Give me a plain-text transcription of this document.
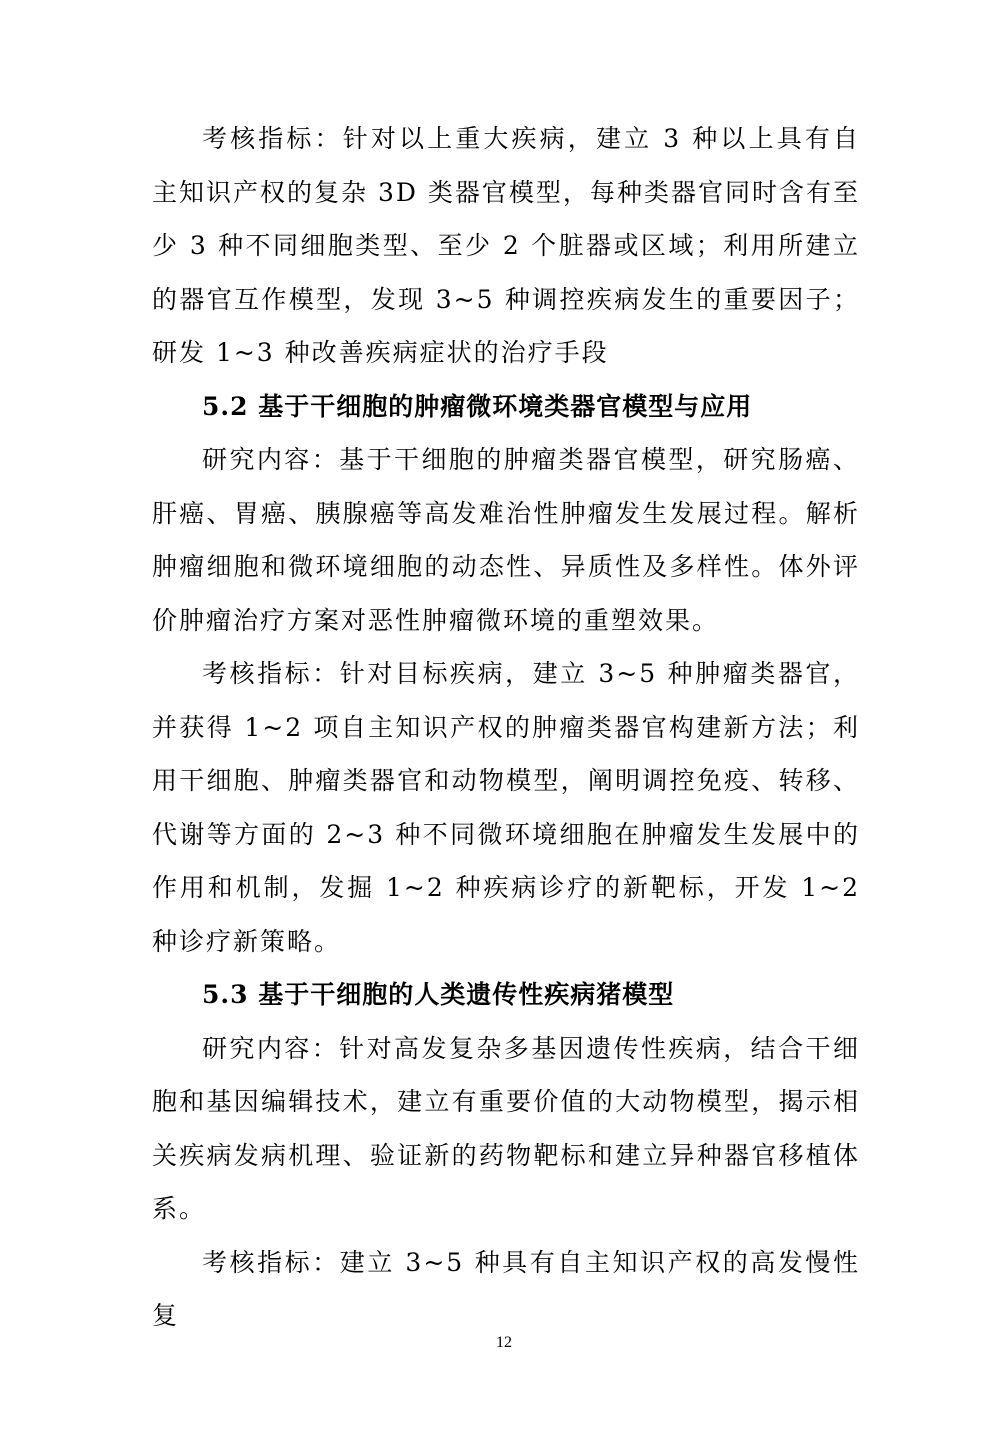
考核指标：针对以上重大疾病，建立 3 种以上具有自主知识产权的复杂 3D 类器官模型，每种类器官同时含有至少 3 种不同细胞类型、至少 2 个脏器或区域；利用所建立的器官互作模型，发现 3~5 种调控疾病发生的重要因子；研发 1~3 种改善疾病症状的治疗手段

5.2 基于干细胞的肿瘤微环境类器官模型与应用

研究内容：基于干细胞的肿瘤类器官模型，研究肠癌、肝癌、胃癌、胰腺癌等高发难治性肿瘤发生发展过程。解析肿瘤细胞和微环境细胞的动态性、异质性及多样性。体外评价肿瘤治疗方案对恶性肿瘤微环境的重塑效果。

考核指标：针对目标疾病，建立 3~5 种肿瘤类器官，并获得 1~2 项自主知识产权的肿瘤类器官构建新方法；利用干细胞、肿瘤类器官和动物模型，阐明调控免疫、转移、代谢等方面的 2~3 种不同微环境细胞在肿瘤发生发展中的作用和机制，发掘 1~2 种疾病诊疗的新靶标，开发 1~2 种诊疗新策略。

5.3 基于干细胞的人类遗传性疾病猪模型

研究内容：针对高发复杂多基因遗传性疾病，结合干细胞和基因编辑技术，建立有重要价值的大动物模型，揭示相关疾病发病机理、验证新的药物靶标和建立异种器官移植体系。

考核指标：建立 3~5 种具有自主知识产权的高发慢性复

12
